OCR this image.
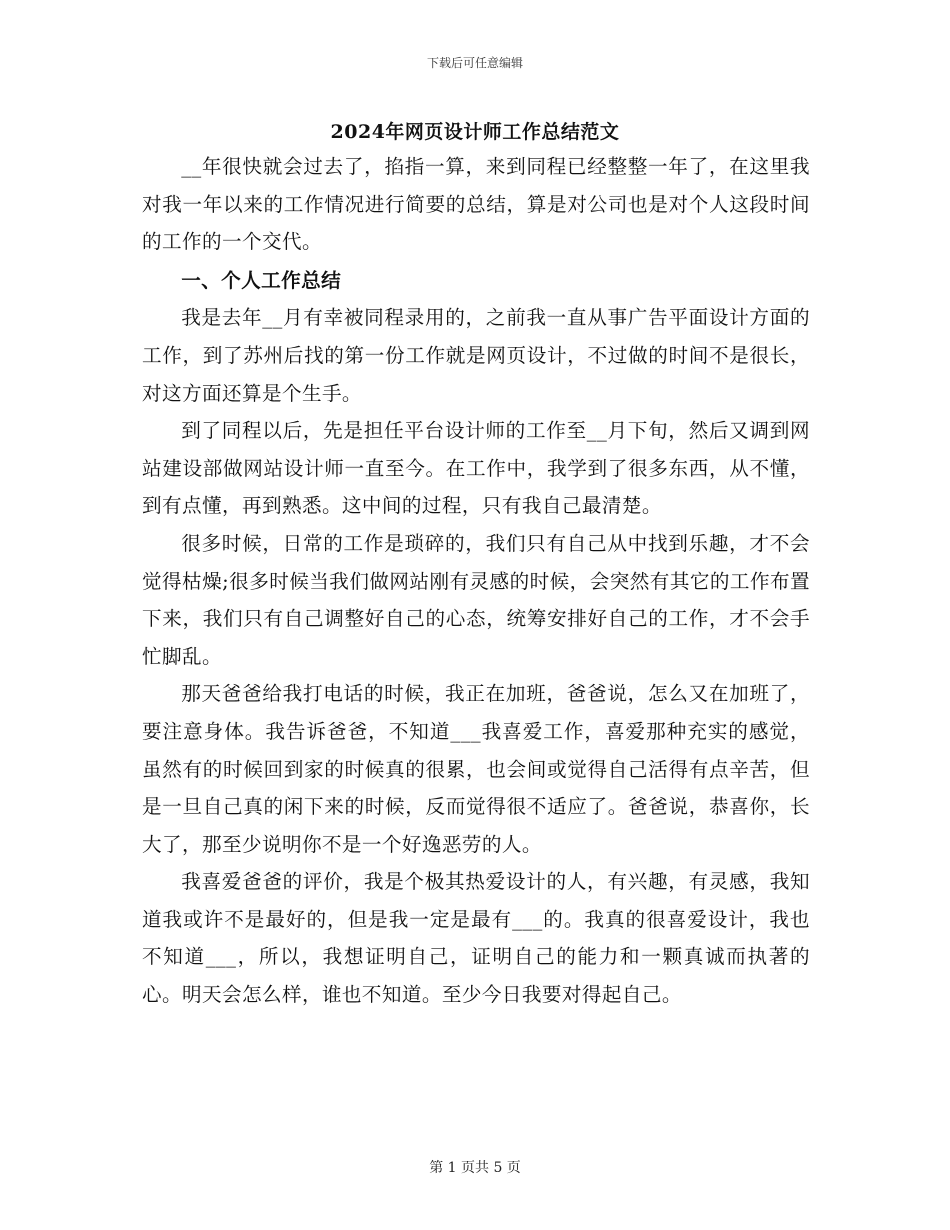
下载后可任意编辑
2024年网页设计师工作总结范文

__年很快就会过去了，掐指一算，来到同程已经整整一年了，在这里我对我一年以来的工作情况进行简要的总结，算是对公司也是对个人这段时间的工作的一个交代。

一、个人工作总结

我是去年__月有幸被同程录用的，之前我一直从事广告平面设计方面的工作，到了苏州后找的第一份工作就是网页设计，不过做的时间不是很长，对这方面还算是个生手。

到了同程以后，先是担任平台设计师的工作至__月下旬，然后又调到网站建设部做网站设计师一直至今。在工作中，我学到了很多东西，从不懂，到有点懂，再到熟悉。这中间的过程，只有我自己最清楚。

很多时候，日常的工作是琐碎的，我们只有自己从中找到乐趣，才不会觉得枯燥;很多时候当我们做网站刚有灵感的时候，会突然有其它的工作布置下来，我们只有自己调整好自己的心态，统筹安排好自己的工作，才不会手忙脚乱。

那天爸爸给我打电话的时候，我正在加班，爸爸说，怎么又在加班了，要注意身体。我告诉爸爸，不知道___我喜爱工作，喜爱那种充实的感觉，虽然有的时候回到家的时候真的很累，也会间或觉得自己活得有点辛苦，但是一旦自己真的闲下来的时候，反而觉得很不适应了。爸爸说，恭喜你，长大了，那至少说明你不是一个好逸恶劳的人。

我喜爱爸爸的评价，我是个极其热爱设计的人，有兴趣，有灵感，我知道我或许不是最好的，但是我一定是最有___的。我真的很喜爱设计，我也不知道___，所以，我想证明自己，证明自己的能力和一颗真诚而执著的心。明天会怎么样，谁也不知道。至少今日我要对得起自己。

第 1 页共 5 页
